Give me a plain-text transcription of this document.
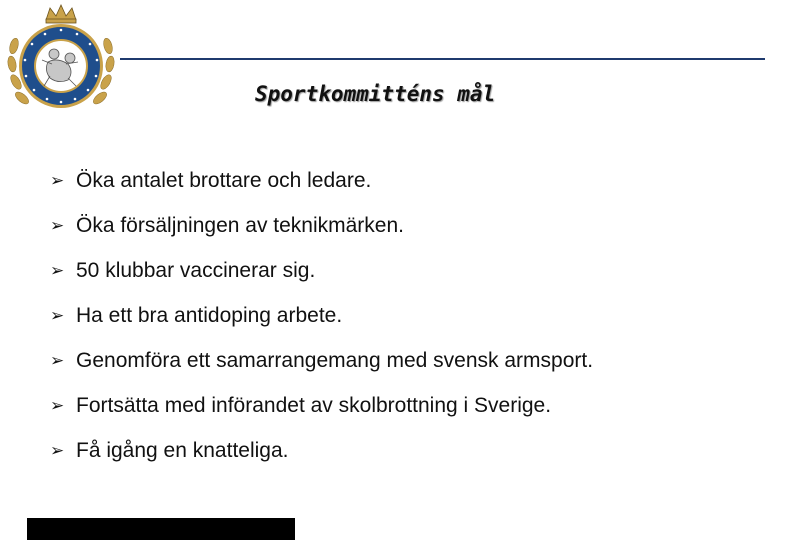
Sportkommitténs mål
➢ Öka antalet brottare och ledare.
➢ Öka försäljningen av teknikmärken.
➢ 50 klubbar vaccinerar sig.
➢ Ha ett bra antidoping arbete.
➢ Genomföra ett samarrangemang med svensk armsport.
➢ Fortsätta med införandet av skolbrottning i Sverige.
➢ Få igång en knatteliga.
